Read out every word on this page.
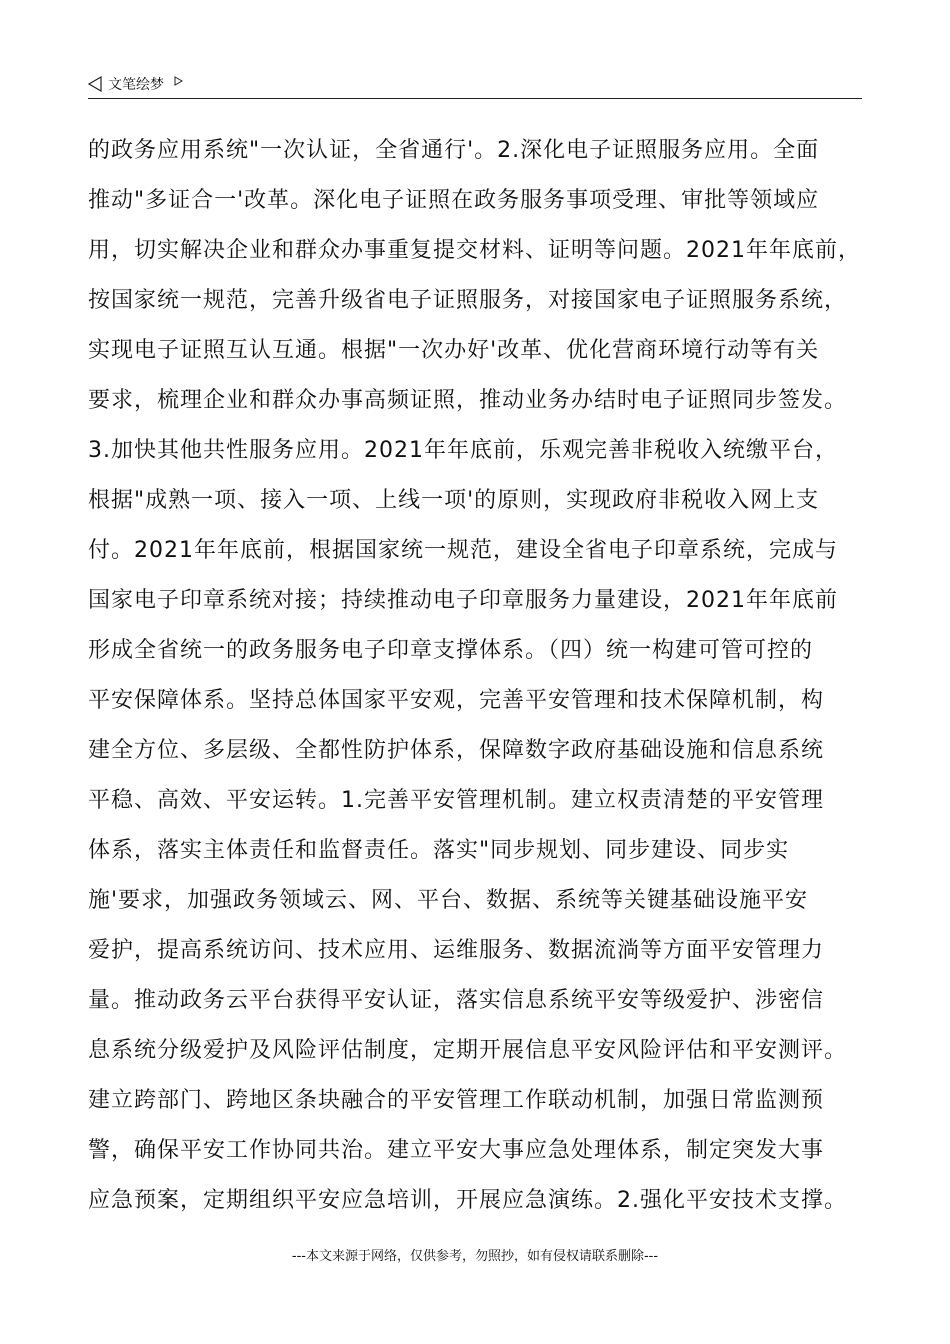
文笔绘梦
的政务应用系统"一次认证，全省通行'。2.深化电子证照服务应用。全面
推动"多证合一'改革。深化电子证照在政务服务事项受理、审批等领域应
用，切实解决企业和群众办事重复提交材料、证明等问题。2021年年底前，
按国家统一规范，完善升级省电子证照服务，对接国家电子证照服务系统，
实现电子证照互认互通。根据"一次办好'改革、优化营商环境行动等有关
要求，梳理企业和群众办事高频证照，推动业务办结时电子证照同步签发。
3.加快其他共性服务应用。2021年年底前，乐观完善非税收入统缴平台，
根据"成熟一项、接入一项、上线一项'的原则，实现政府非税收入网上支
付。2021年年底前，根据国家统一规范，建设全省电子印章系统，完成与
国家电子印章系统对接；持续推动电子印章服务力量建设，2021年年底前
形成全省统一的政务服务电子印章支撑体系。（四）统一构建可管可控的
平安保障体系。坚持总体国家平安观，完善平安管理和技术保障机制，构
建全方位、多层级、全都性防护体系，保障数字政府基础设施和信息系统
平稳、高效、平安运转。1.完善平安管理机制。建立权责清楚的平安管理
体系，落实主体责任和监督责任。落实"同步规划、同步建设、同步实
施'要求，加强政务领域云、网、平台、数据、系统等关键基础设施平安
爱护，提高系统访问、技术应用、运维服务、数据流淌等方面平安管理力
量。推动政务云平台获得平安认证，落实信息系统平安等级爱护、涉密信
息系统分级爱护及风险评估制度，定期开展信息平安风险评估和平安测评。
建立跨部门、跨地区条块融合的平安管理工作联动机制，加强日常监测预
警，确保平安工作协同共治。建立平安大事应急处理体系，制定突发大事
应急预案，定期组织平安应急培训，开展应急演练。2.强化平安技术支撑。
---本文来源于网络，仅供参考，勿照抄，如有侵权请联系删除---
